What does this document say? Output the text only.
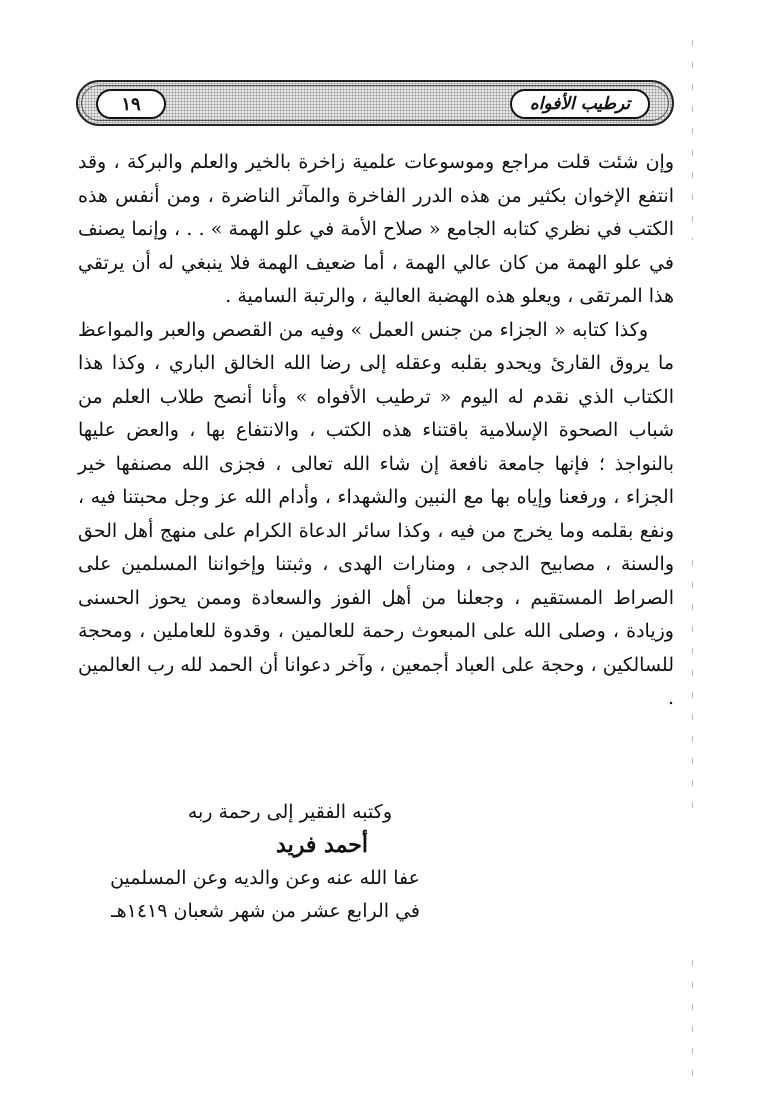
١٩	ترطيب الأفواه

وإن شئت قلت مراجع وموسوعات علمية زاخرة بالخير والعلم والبركة ، وقد انتفع الإخوان بكثير من هذه الدرر الفاخرة والمآثر الناضرة ، ومن أنفس هذه الكتب في نظري كتابه الجامع « صلاح الأمة في علو الهمة » . . ، وإنما يصنف في علو الهمة من كان عالي الهمة ، أما ضعيف الهمة فلا ينبغي له أن يرتقي هذا المرتقى ، ويعلو هذه الهضبة العالية ، والرتبة السامية .

وكذا كتابه « الجزاء من جنس العمل » وفيه من القصص والعبر والمواعظ ما يروق القارئ ويحدو بقلبه وعقله إلى رضا الله الخالق الباري ، وكذا هذا الكتاب الذي نقدم له اليوم « ترطيب الأفواه » وأنا أنصح طلاب العلم من شباب الصحوة الإسلامية باقتناء هذه الكتب ، والانتفاع بها ، والعض عليها بالنواجذ ؛ فإنها جامعة نافعة إن شاء الله تعالى ، فجزى الله مصنفها خير الجزاء ، ورفعنا وإياه بها مع النبين والشهداء ، وأدام الله عز وجل محبتنا فيه ، ونفع بقلمه وما يخرج من فيه ، وكذا سائر الدعاة الكرام على منهج أهل الحق والسنة ، مصابيح الدجى ، ومنارات الهدى ، وثبتنا وإخواننا المسلمين على الصراط المستقيم ، وجعلنا من أهل الفوز والسعادة وممن يحوز الحسنى وزيادة ، وصلى الله على المبعوث رحمة للعالمين ، وقدوة للعاملين ، ومحجة للسالكين ، وحجة على العباد أجمعين ، وآخر دعوانا أن الحمد لله رب العالمين .

وكتبه الفقير إلى رحمة ربه
أحمد فريد
عفا الله عنه وعن والديه وعن المسلمين
في الرابع عشر من شهر شعبان ١٤١٩هـ
